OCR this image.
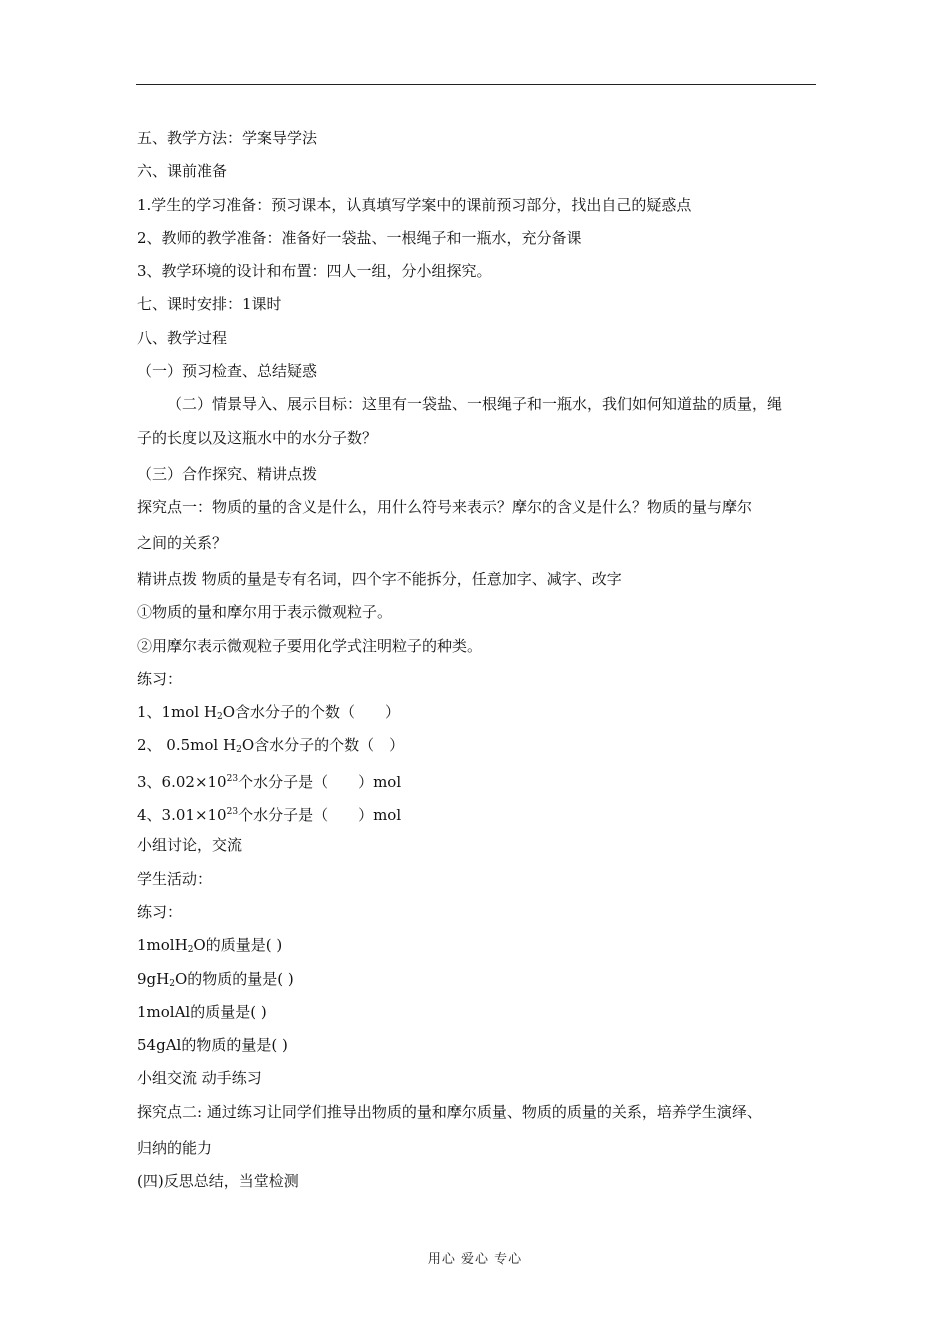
五、教学方法：学案导学法
六、课前准备
1.学生的学习准备：预习课本，认真填写学案中的课前预习部分，找出自己的疑惑点
2、教师的教学准备：准备好一袋盐、一根绳子和一瓶水，充分备课
3、教学环境的设计和布置：四人一组，分小组探究。
七、课时安排：1课时
八、教学过程
（一）预习检查、总结疑惑
（二）情景导入、展示目标：这里有一袋盐、一根绳子和一瓶水，我们如何知道盐的质量，绳
子的长度以及这瓶水中的水分子数？
（三）合作探究、精讲点拨
探究点一：物质的量的含义是什么，用什么符号来表示？摩尔的含义是什么？物质的量与摩尔
之间的关系？
精讲点拨 物质的量是专有名词，四个字不能拆分，任意加字、减字、改字
①物质的量和摩尔用于表示微观粒子。
②用摩尔表示微观粒子要用化学式注明粒子的种类。
练习：
1、1mol $H_2O$含水分子的个数（　　）
2、 0.5mol $H_2O$含水分子的个数（　）
3、$6.02\times 10^{23}$个水分子是（　　）mol
4、$3.01\times 10^{23}$个水分子是（　　）mol
小组讨论，交流
学生活动：
练习：
1molH$_2$O的质量是( )
$9gH_2O$的物质的量是( )
1molAl的质量是( )
54gAl的物质的量是( )
小组交流 动手练习
探究点二: 通过练习让同学们推导出物质的量和摩尔质量、物质的质量的关系，培养学生演绎、
归纳的能力
(四)反思总结，当堂检测
用心 爱心 专心
